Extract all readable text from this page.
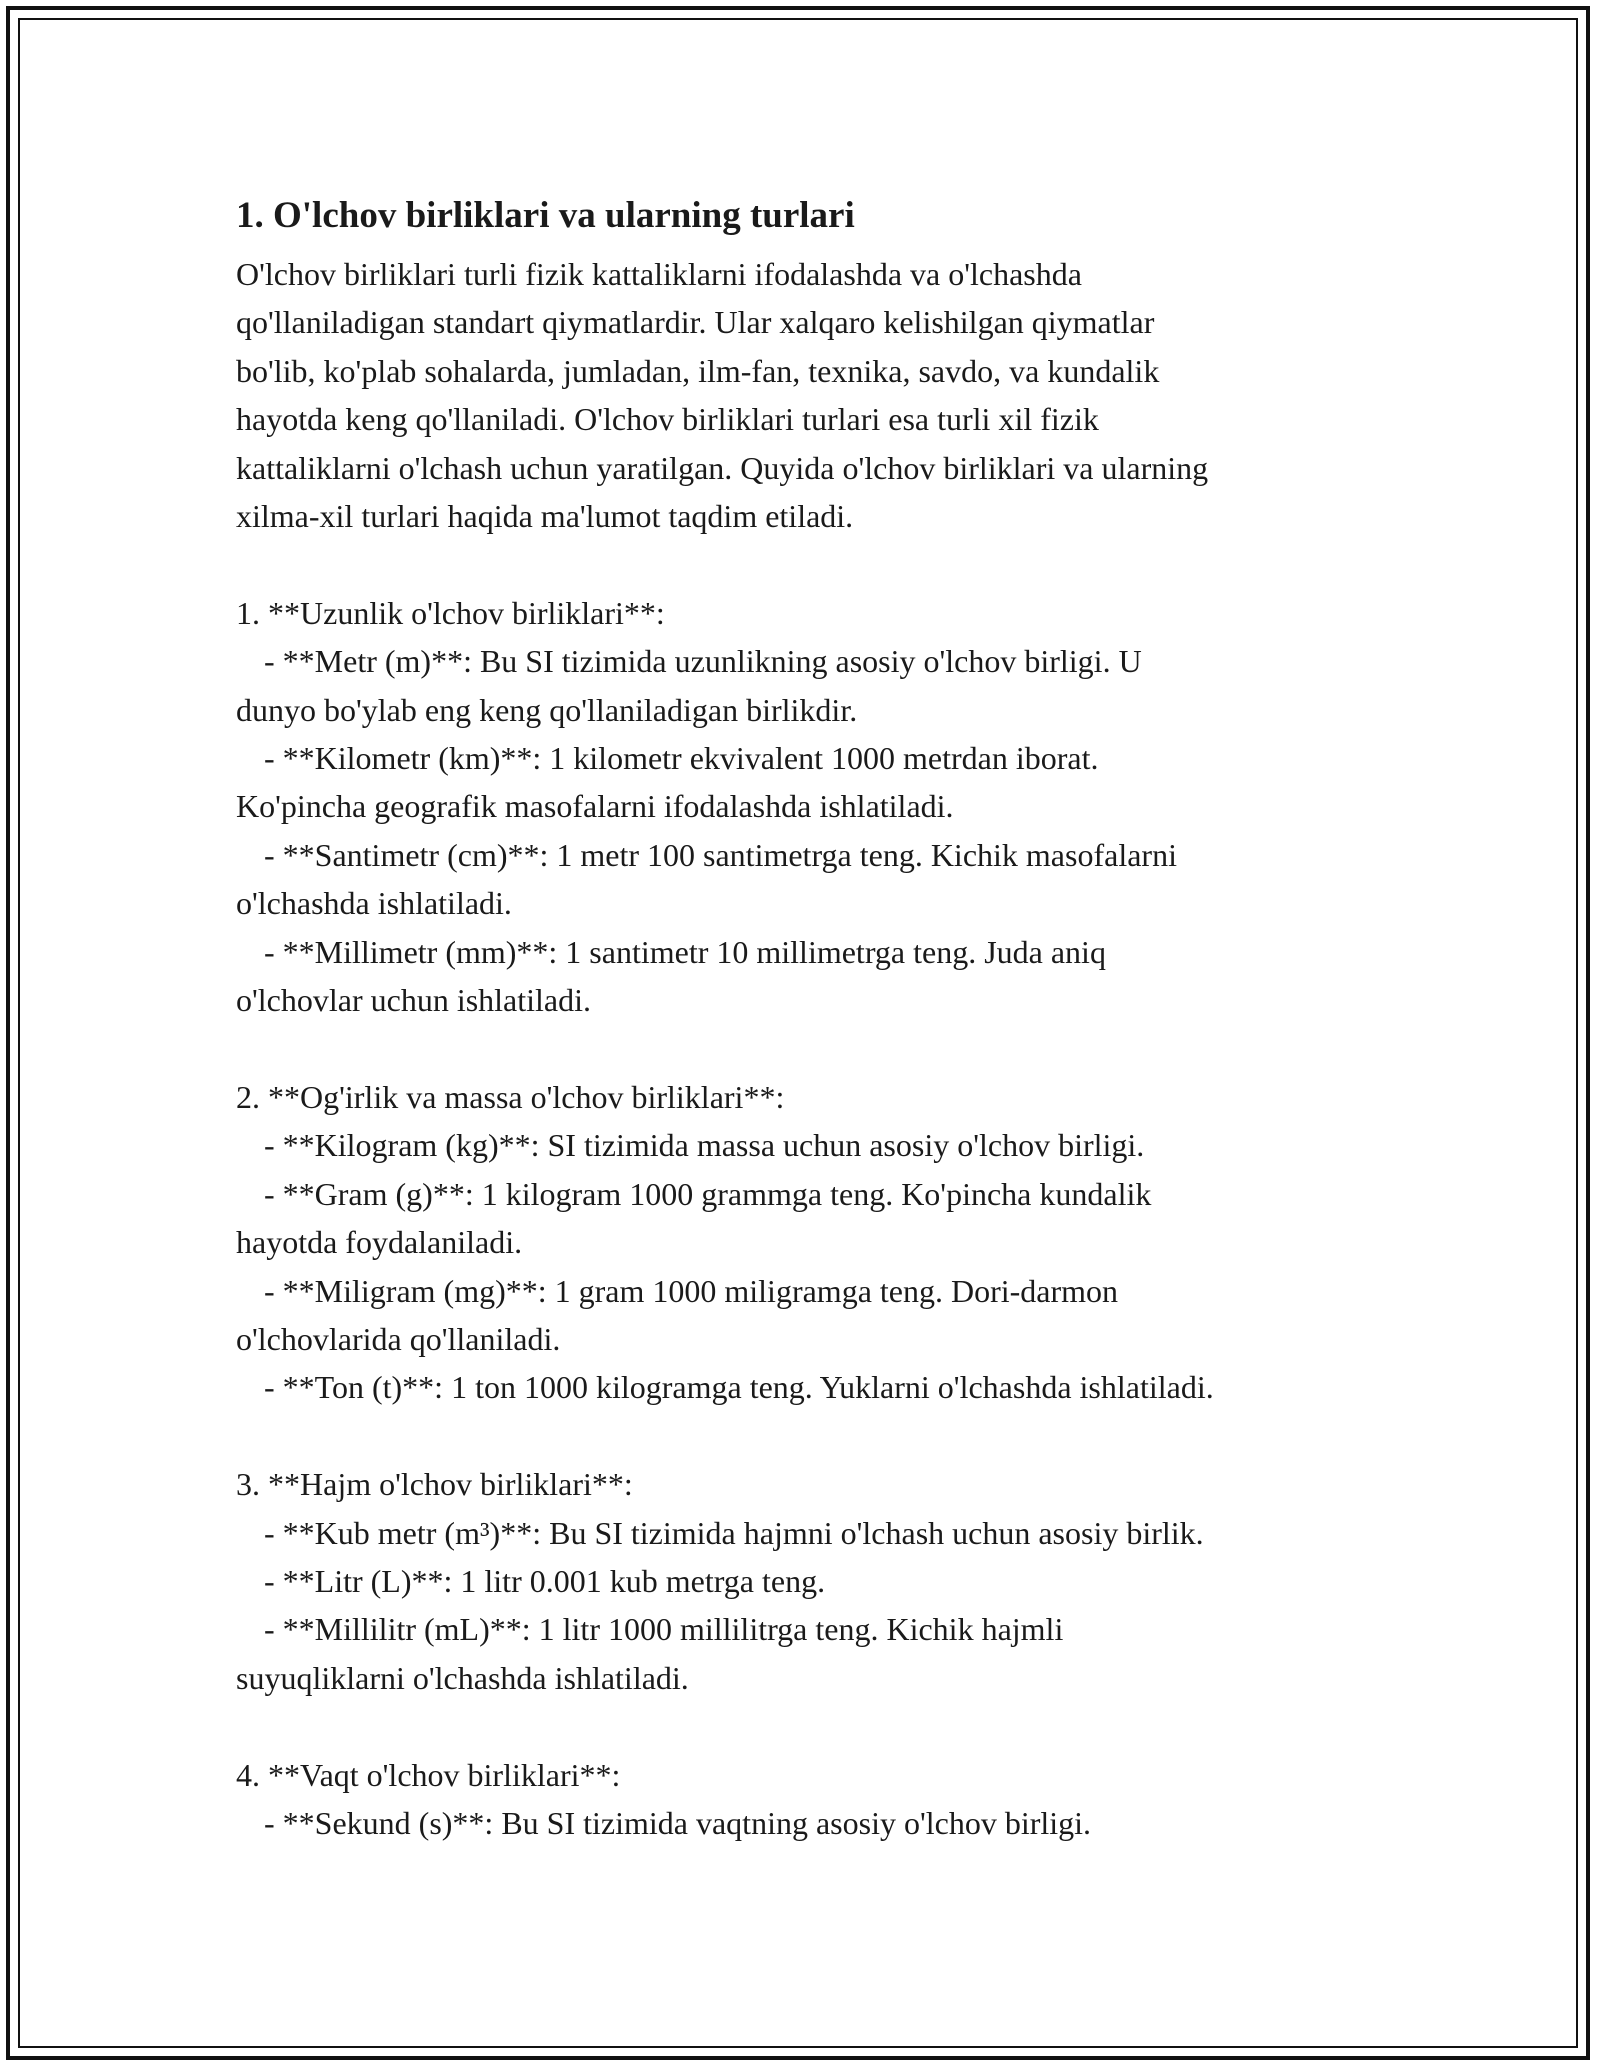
1. O'lchov birliklari va ularning turlari

O'lchov birliklari turli fizik kattaliklarni ifodalashda va o'lchashda
qo'llaniladigan standart qiymatlardir. Ular xalqaro kelishilgan qiymatlar
bo'lib, ko'plab sohalarda, jumladan, ilm-fan, texnika, savdo, va kundalik
hayotda keng qo'llaniladi. O'lchov birliklari turlari esa turli xil fizik
kattaliklarni o'lchash uchun yaratilgan. Quyida o'lchov birliklari va ularning
xilma-xil turlari haqida ma'lumot taqdim etiladi.

1. **Uzunlik o'lchov birliklari**:
- **Metr (m)**: Bu SI tizimida uzunlikning asosiy o'lchov birligi. U
dunyo bo'ylab eng keng qo'llaniladigan birlikdir.
- **Kilometr (km)**: 1 kilometr ekvivalent 1000 metrdan iborat.
Ko'pincha geografik masofalarni ifodalashda ishlatiladi.
- **Santimetr (cm)**: 1 metr 100 santimetrga teng. Kichik masofalarni
o'lchashda ishlatiladi.
- **Millimetr (mm)**: 1 santimetr 10 millimetrga teng. Juda aniq
o'lchovlar uchun ishlatiladi.
2. **Og'irlik va massa o'lchov birliklari**:
- **Kilogram (kg)**: SI tizimida massa uchun asosiy o'lchov birligi.
- **Gram (g)**: 1 kilogram 1000 grammga teng. Ko'pincha kundalik
hayotda foydalaniladi.
- **Miligram (mg)**: 1 gram 1000 miligramga teng. Dori-darmon
o'lchovlarida qo'llaniladi.
- **Ton (t)**: 1 ton 1000 kilogramga teng. Yuklarni o'lchashda ishlatiladi.
3. **Hajm o'lchov birliklari**:
- **Kub metr (m³)**: Bu SI tizimida hajmni o'lchash uchun asosiy birlik.
- **Litr (L)**: 1 litr 0.001 kub metrga teng.
- **Millilitr (mL)**: 1 litr 1000 millilitrga teng. Kichik hajmli
suyuqliklarni o'lchashda ishlatiladi.
4. **Vaqt o'lchov birliklari**:
- **Sekund (s)**: Bu SI tizimida vaqtning asosiy o'lchov birligi.
